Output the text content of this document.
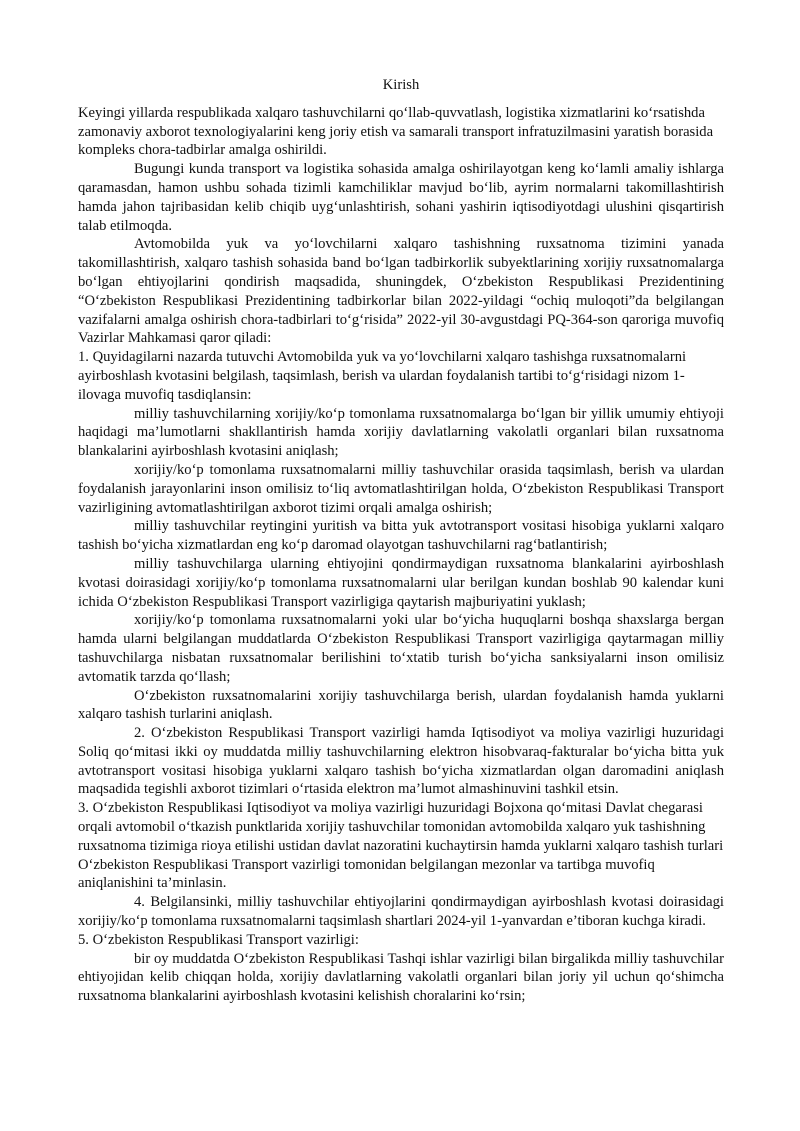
Kirish

Keyingi yillarda respublikada xalqaro tashuvchilarni qo‘llab-quvvatlash, logistika xizmatlarini ko‘rsatishda zamonaviy axborot texnologiyalarini keng joriy etish va samarali transport infratuzilmasini yaratish borasida kompleks chora-tadbirlar amalga oshirildi.

Bugungi kunda transport va logistika sohasida amalga oshirilayotgan keng ko‘lamli amaliy ishlarga qaramasdan, hamon ushbu sohada tizimli kamchiliklar mavjud bo‘lib, ayrim normalarni takomillashtirish hamda jahon tajribasidan kelib chiqib uyg‘unlashtirish, sohani yashirin iqtisodiyotdagi ulushini qisqartirish talab etilmoqda.

Avtomobilda yuk va yo‘lovchilarni xalqaro tashishning ruxsatnoma tizimini yanada takomillashtirish, xalqaro tashish sohasida band bo‘lgan tadbirkorlik subyektlarining xorijiy ruxsatnomalarga bo‘lgan ehtiyojlarini qondirish maqsadida, shuningdek, O‘zbekiston Respublikasi Prezidentining “O‘zbekiston Respublikasi Prezidentining tadbirkorlar bilan 2022-yildagi “ochiq muloqoti”da belgilangan vazifalarni amalga oshirish chora-tadbirlari to‘g‘risida” 2022-yil 30-avgustdagi PQ-364-son qaroriga muvofiq Vazirlar Mahkamasi qaror qiladi:

1. Quyidagilarni nazarda tutuvchi Avtomobilda yuk va yo‘lovchilarni xalqaro tashishga ruxsatnomalarni ayirboshlash kvotasini belgilash, taqsimlash, berish va ulardan foydalanish tartibi to‘g‘risidagi nizom 1-ilovaga muvofiq tasdiqlansin:

milliy tashuvchilarning xorijiy/ko‘p tomonlama ruxsatnomalarga bo‘lgan bir yillik umumiy ehtiyoji haqidagi ma’lumotlarni shakllantirish hamda xorijiy davlatlarning vakolatli organlari bilan ruxsatnoma blankalarini ayirboshlash kvotasini aniqlash;

xorijiy/ko‘p tomonlama ruxsatnomalarni milliy tashuvchilar orasida taqsimlash, berish va ulardan foydalanish jarayonlarini inson omilisiz to‘liq avtomatlashtirilgan holda, O‘zbekiston Respublikasi Transport vazirligining avtomatlashtirilgan axborot tizimi orqali amalga oshirish;

milliy tashuvchilar reytingini yuritish va bitta yuk avtotransport vositasi hisobiga yuklarni xalqaro tashish bo‘yicha xizmatlardan eng ko‘p daromad olayotgan tashuvchilarni rag‘batlantirish;

milliy tashuvchilarga ularning ehtiyojini qondirmaydigan ruxsatnoma blankalarini ayirboshlash kvotasi doirasidagi xorijiy/ko‘p tomonlama ruxsatnomalarni ular berilgan kundan boshlab 90 kalendar kuni ichida O‘zbekiston Respublikasi Transport vazirligiga qaytarish majburiyatini yuklash;

xorijiy/ko‘p tomonlama ruxsatnomalarni yoki ular bo‘yicha huquqlarni boshqa shaxslarga bergan hamda ularni belgilangan muddatlarda O‘zbekiston Respublikasi Transport vazirligiga qaytarmagan milliy tashuvchilarga nisbatan ruxsatnomalar berilishini to‘xtatib turish bo‘yicha sanksiyalarni inson omilisiz avtomatik tarzda qo‘llash;

O‘zbekiston ruxsatnomalarini xorijiy tashuvchilarga berish, ulardan foydalanish hamda yuklarni xalqaro tashish turlarini aniqlash.

2. O‘zbekiston Respublikasi Transport vazirligi hamda Iqtisodiyot va moliya vazirligi huzuridagi Soliq qo‘mitasi ikki oy muddatda milliy tashuvchilarning elektron hisobvaraq-fakturalar bo‘yicha bitta yuk avtotransport vositasi hisobiga yuklarni xalqaro tashish bo‘yicha xizmatlardan olgan daromadini aniqlash maqsadida tegishli axborot tizimlari o‘rtasida elektron ma’lumot almashinuvini tashkil etsin.

3. O‘zbekiston Respublikasi Iqtisodiyot va moliya vazirligi huzuridagi Bojxona qo‘mitasi Davlat chegarasi orqali avtomobil o‘tkazish punktlarida xorijiy tashuvchilar tomonidan avtomobilda xalqaro yuk tashishning ruxsatnoma tizimiga rioya etilishi ustidan davlat nazoratini kuchaytirsin hamda yuklarni xalqaro tashish turlari O‘zbekiston Respublikasi Transport vazirligi tomonidan belgilangan mezonlar va tartibga muvofiq aniqlanishini ta’minlasin.

4. Belgilansinki, milliy tashuvchilar ehtiyojlarini qondirmaydigan ayirboshlash kvotasi doirasidagi xorijiy/ko‘p tomonlama ruxsatnomalarni taqsimlash shartlari 2024-yil 1-yanvardan e’tiboran kuchga kiradi.

5. O‘zbekiston Respublikasi Transport vazirligi:

bir oy muddatda O‘zbekiston Respublikasi Tashqi ishlar vazirligi bilan birgalikda milliy tashuvchilar ehtiyojidan kelib chiqqan holda, xorijiy davlatlarning vakolatli organlari bilan joriy yil uchun qo‘shimcha ruxsatnoma blankalarini ayirboshlash kvotasini kelishish choralarini ko‘rsin;
